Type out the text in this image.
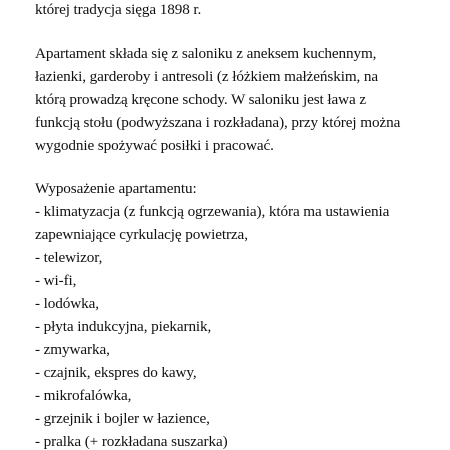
której tradycja sięga 1898 r.
Apartament składa się z saloniku z aneksem kuchennym,
łazienki, garderoby i antresoli (z łóżkiem małżeńskim, na
którą prowadzą kręcone schody. W saloniku jest ława z
funkcją stołu (podwyższana i rozkładana), przy której można
wygodnie spożywać posiłki i pracować.
Wyposażenie apartamentu:
- klimatyzacja (z funkcją ogrzewania), która ma ustawienia
zapewniające cyrkulację powietrza,
- telewizor,
- wi-fi,
- lodówka,
- płyta indukcyjna, piekarnik,
- zmywarka,
- czajnik, ekspres do kawy,
- mikrofalówka,
- grzejnik i bojler w łazience,
- pralka (+ rozkładana suszarka)
